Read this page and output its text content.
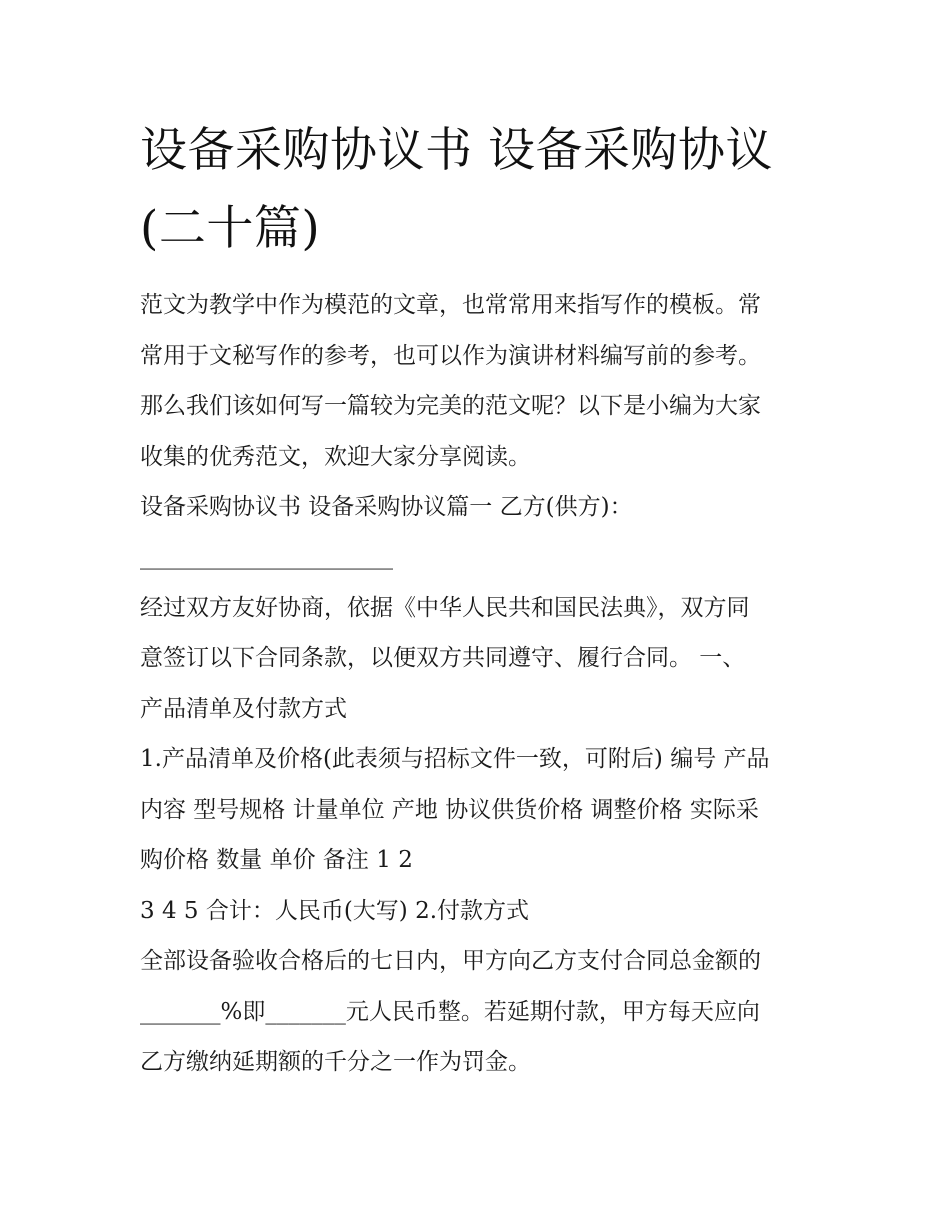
设备采购协议书 设备采购协议
(二十篇)

范文为教学中作为模范的文章，也常常用来指写作的模板。常
常用于文秘写作的参考，也可以作为演讲材料编写前的参考。
那么我们该如何写一篇较为完美的范文呢？以下是小编为大家
收集的优秀范文，欢迎大家分享阅读。

设备采购协议书 设备采购协议篇一 乙方(供方)：

______________________

经过双方友好协商，依据《中华人民共和国民法典》，双方同
意签订以下合同条款，以便双方共同遵守、履行合同。 一、
产品清单及付款方式

1.产品清单及价格(此表须与招标文件一致，可附后) 编号 产品
内容 型号规格 计量单位 产地 协议供货价格 调整价格 实际采
购价格 数量 单价 备注 1 2

3 4 5 合计：人民币(大写) 2.付款方式

全部设备验收合格后的七日内，甲方向乙方支付合同总金额的
_______%即_______元人民币整。若延期付款，甲方每天应向
乙方缴纳延期额的千分之一作为罚金。
